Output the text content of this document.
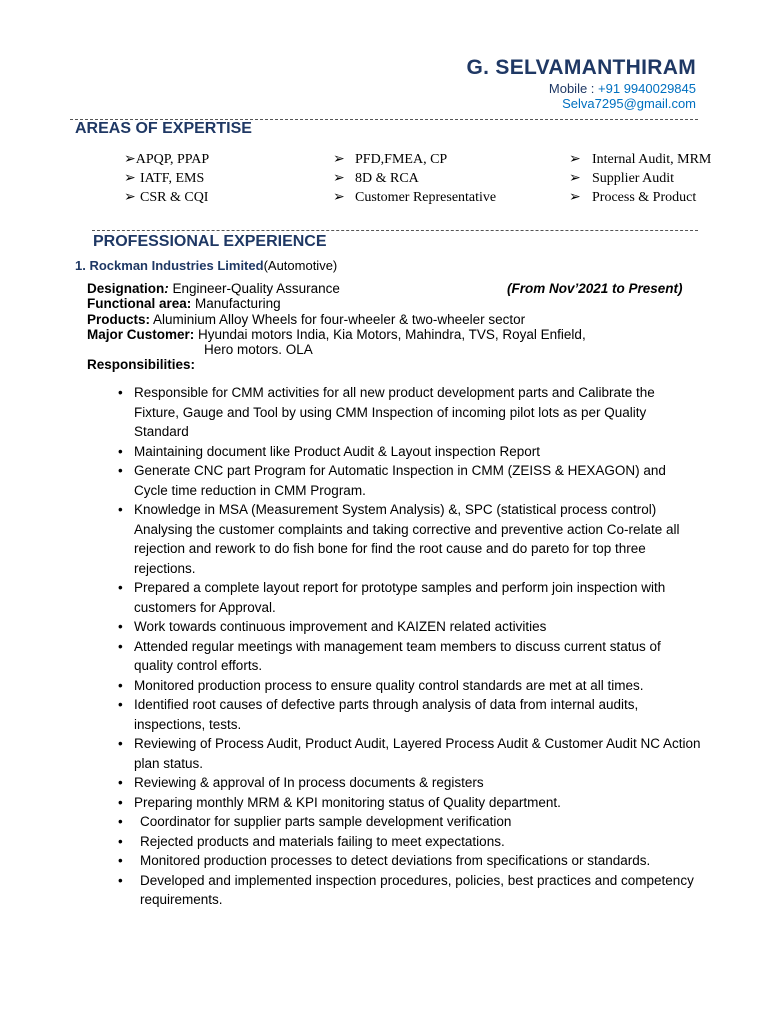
G. SELVAMANTHIRAM
Mobile : +91 9940029845
Selva7295@gmail.com
AREAS OF EXPERTISE
➢APQP, PPAP
➢ IATF, EMS
➢ CSR & CQI
➢ PFD,FMEA, CP
➢ 8D & RCA
➢ Customer Representative
➢ Internal Audit, MRM
➢ Supplier Audit
➢ Process & Product
PROFESSIONAL EXPERIENCE
1. Rockman Industries Limited(Automotive)
Designation: Engineer-Quality Assurance	(From Nov’2021 to Present)
Functional area: Manufacturing
Products: Aluminium Alloy Wheels for four-wheeler & two-wheeler sector
Major Customer: Hyundai motors India, Kia Motors, Mahindra, TVS, Royal Enfield,
Hero motors. OLA
Responsibilities:
• Responsible for CMM activities for all new product development parts and Calibrate the Fixture, Gauge and Tool by using CMM Inspection of incoming pilot lots as per Quality Standard
• Maintaining document like Product Audit & Layout inspection Report
• Generate CNC part Program for Automatic Inspection in CMM (ZEISS & HEXAGON) and Cycle time reduction in CMM Program.
• Knowledge in MSA (Measurement System Analysis) &, SPC (statistical process control) Analysing the customer complaints and taking corrective and preventive action Co-relate all rejection and rework to do fish bone for find the root cause and do pareto for top three rejections.
• Prepared a complete layout report for prototype samples and perform join inspection with customers for Approval.
• Work towards continuous improvement and KAIZEN related activities
• Attended regular meetings with management team members to discuss current status of quality control efforts.
• Monitored production process to ensure quality control standards are met at all times.
• Identified root causes of defective parts through analysis of data from internal audits, inspections, tests.
• Reviewing of Process Audit, Product Audit, Layered Process Audit & Customer Audit NC Action plan status.
• Reviewing & approval of In process documents & registers
• Preparing monthly MRM & KPI monitoring status of Quality department.
• Coordinator for supplier parts sample development verification
• Rejected products and materials failing to meet expectations.
• Monitored production processes to detect deviations from specifications or standards.
• Developed and implemented inspection procedures, policies, best practices and competency requirements.
